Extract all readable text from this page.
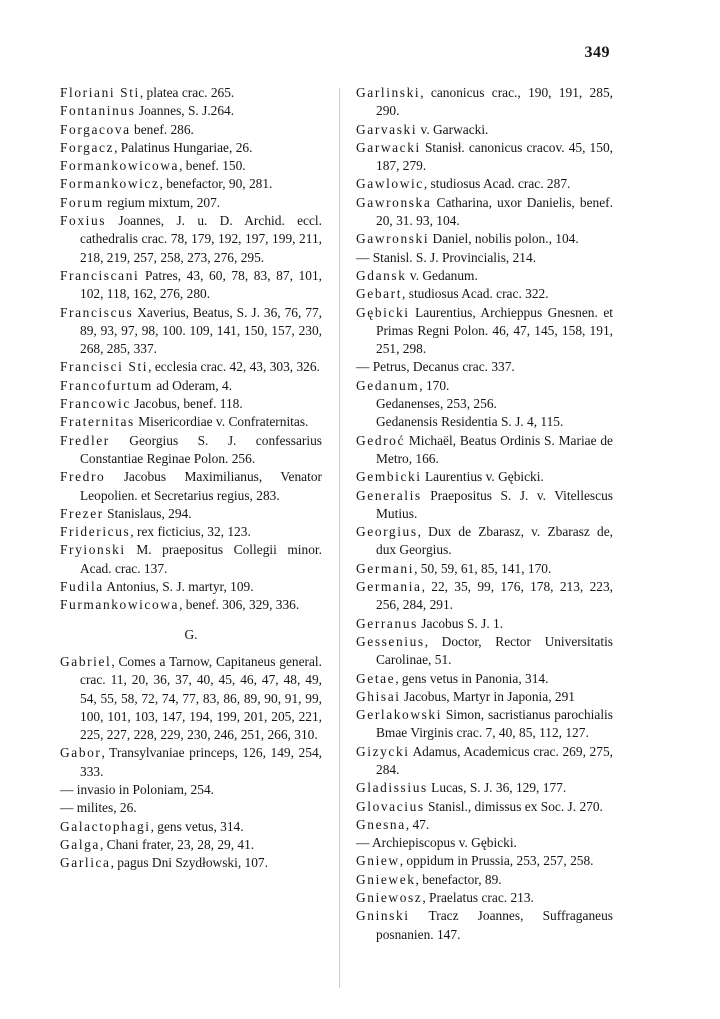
349

Floriani Sti, platea crac. 265.

Fontaninus Joannes, S. J.264.

Forgacova benef. 286.

Forgacz, Palatinus Hungariae, 26.

Formankowicowa, benef. 150.

Formankowicz, benefactor, 90, 281.

Forum regium mixtum, 207.

Foxius Joannes, J. u. D. Archid. eccl. cathedralis crac. 78, 179, 192, 197, 199, 211, 218, 219, 257, 258, 273, 276, 295.

Franciscani Patres, 43, 60, 78, 83, 87, 101, 102, 118, 162, 276, 280.

Franciscus Xaverius, Beatus, S. J. 36, 76, 77, 89, 93, 97, 98, 100. 109, 141, 150, 157, 230, 268, 285, 337.

Francisci Sti, ecclesia crac. 42, 43, 303, 326.

Francofurtum ad Oderam, 4.

Francowic Jacobus, benef. 118.

Fraternitas Misericordiae v. Confraternitas.

Fredler Georgius S. J. confessarius Constantiae Reginae Polon. 256.

Fredro Jacobus Maximilianus, Venator Leopolien. et Secretarius regius, 283.

Frezer Stanislaus, 294.

Fridericus, rex ficticius, 32, 123.

Fryionski M. praepositus Collegii minor. Acad. crac. 137.

Fudila Antonius, S. J. martyr, 109.

Furmankowicowa, benef. 306, 329, 336.

G.

Gabriel, Comes a Tarnow, Capitaneus general. crac. 11, 20, 36, 37, 40, 45, 46, 47, 48, 49, 54, 55, 58, 72, 74, 77, 83, 86, 89, 90, 91, 99, 100, 101, 103, 147, 194, 199, 201, 205, 221, 225, 227, 228, 229, 230, 246, 251, 266, 310.

Gabor, Transylvaniae princeps, 126, 149, 254, 333.

— invasio in Poloniam, 254.

— milites, 26.

Galactophagi, gens vetus, 314.

Galga, Chani frater, 23, 28, 29, 41.

Garlica, pagus Dni Szydłowski, 107.

Garlinski, canonicus crac., 190, 191, 285, 290.

Garvaski v. Garwacki.

Garwacki Stanisł. canonicus cracov. 45, 150, 187, 279.

Gawlowic, studiosus Acad. crac. 287.

Gawronska Catharina, uxor Danielis, benef. 20, 31. 93, 104.

Gawronski Daniel, nobilis polon., 104.

— Stanisl. S. J. Provincialis, 214.

Gdansk v. Gedanum.

Gebart, studiosus Acad. crac. 322.

Gębicki Laurentius, Archieppus Gnesnen. et Primas Regni Polon. 46, 47, 145, 158, 191, 251, 298.

— Petrus, Decanus crac. 337.

Gedanum, 170.

Gedanenses, 253, 256.

Gedanensis Residentia S. J. 4, 115.

Gedroć Michaël, Beatus Ordinis S. Mariae de Metro, 166.

Gembicki Laurentius v. Gębicki.

Generalis Praepositus S. J. v. Vitellescus Mutius.

Georgius, Dux de Zbarasz, v. Zbarasz de, dux Georgius.

Germani, 50, 59, 61, 85, 141, 170.

Germania, 22, 35, 99, 176, 178, 213, 223, 256, 284, 291.

Gerranus Jacobus S. J. 1.

Gessenius, Doctor, Rector Universitatis Carolinae, 51.

Getae, gens vetus in Panonia, 314.

Ghisai Jacobus, Martyr in Japonia, 291

Gerlakowski Simon, sacristianus parochialis Bmae Virginis crac. 7, 40, 85, 112, 127.

Gizycki Adamus, Academicus crac. 269, 275, 284.

Gladissius Lucas, S. J. 36, 129, 177.

Glovacius Stanisl., dimissus ex Soc. J. 270.

Gnesna, 47.

— Archiepiscopus v. Gębicki.

Gniew, oppidum in Prussia, 253, 257, 258.

Gniewek, benefactor, 89.

Gniewosz, Praelatus crac. 213.

Gninski Tracz Joannes, Suffraganeus posnanien. 147.
